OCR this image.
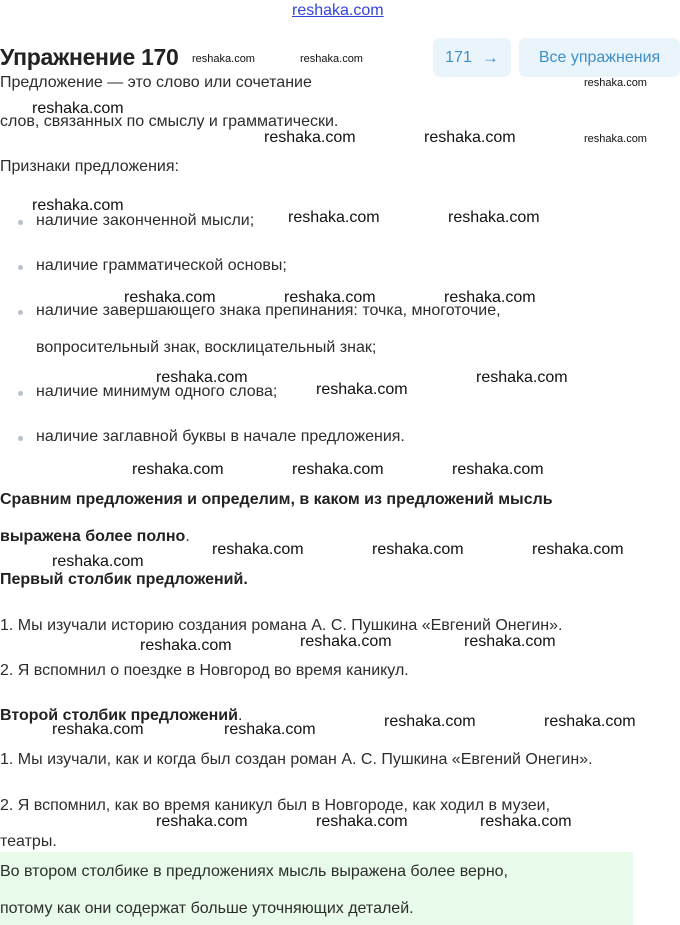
reshaka.com
Упражнение 170	171 → Все упражнения
Предложение — это слово или сочетание
слов, связанных по смыслу и грамматически.
Признаки предложения:
наличие законченной мысли;
наличие грамматической основы;
наличие завершающего знака препинания: точка, многоточие,
вопросительный знак, восклицательный знак;
наличие минимум одного слова;
наличие заглавной буквы в начале предложения.
Сравним предложения и определим, в каком из предложений мысль
выражена более полно.
Первый столбик предложений.
1. Мы изучали историю создания романа А. С. Пушкина «Евгений Онегин».
2. Я вспомнил о поездке в Новгород во время каникул.
Второй столбик предложений.
1. Мы изучали, как и когда был создан роман А. С. Пушкина «Евгений Онегин».
2. Я вспомнил, как во время каникул был в Новгороде, как ходил в музеи,
театры.
Во втором столбике в предложениях мысль выражена более верно,
потому как они содержат больше уточняющих деталей.
reshaka.com	reshaka.com
reshaka.com
reshaka.com
reshaka.com	reshaka.com	reshaka.com
reshaka.com
reshaka.com	reshaka.com
reshaka.com	reshaka.com	reshaka.com
reshaka.com
reshaka.com
reshaka.com
reshaka.com	reshaka.com	reshaka.com
reshaka.com	reshaka.com	reshaka.com
reshaka.com
reshaka.com	reshaka.com
reshaka.com
reshaka.com	reshaka.com
reshaka.com	reshaka.com
reshaka.com	reshaka.com	reshaka.com
